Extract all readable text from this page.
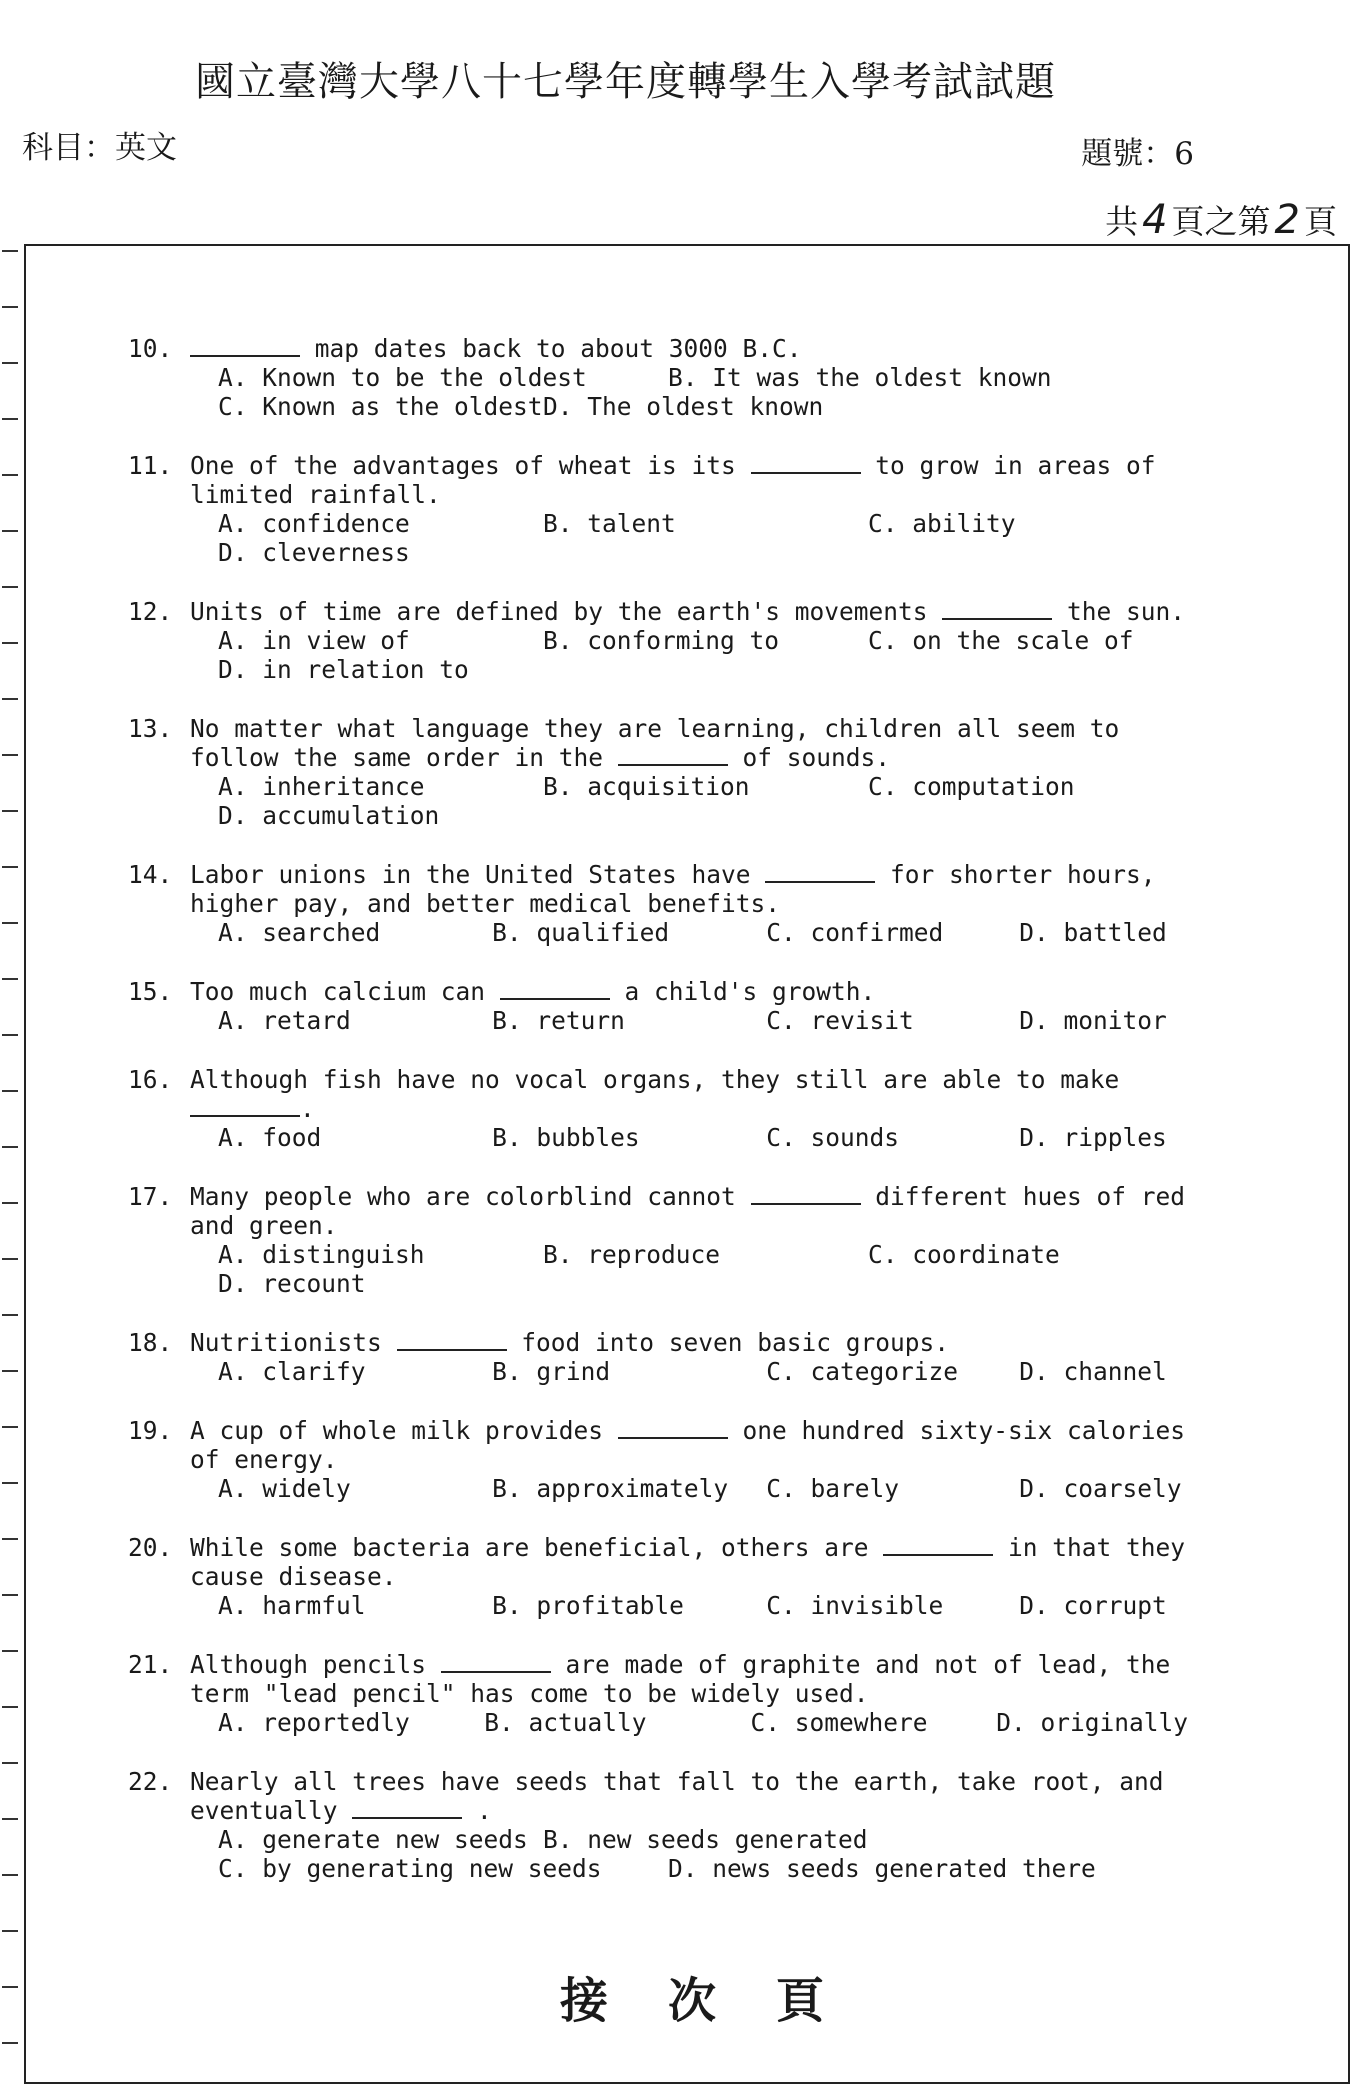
國立臺灣大學八十七學年度轉學生入學考試試題
科目：英文	題號：6
共 4 頁之第 2 頁
10.	map dates back to about 3000 B.C.
A. Known to be the oldest	B. It was the oldest known
C. Known as the oldest D. The oldest known
11. One of the advantages of wheat is its	to grow in areas of limited rainfall.
A. confidence	B. talent	C. ability
D. cleverness
12. Units of time are defined by the earth's movements	the sun.
A. in view of	B. conforming to	C. on the scale of
D. in relation to
13. No matter what language they are learning, children all seem to follow the same order in the	of sounds.
A. inheritance	B. acquisition	C. computation
D. accumulation
14. Labor unions in the United States have	for shorter hours, higher pay, and better medical benefits.
A. searched	B. qualified	C. confirmed	D. battled
15. Too much calcium can	a child's growth.
A. retard	B. return	C. revisit	D. monitor
16. Although fish have no vocal organs, they still are able to make .
A. food	B. bubbles	C. sounds	D. ripples
17. Many people who are colorblind cannot	different hues of red and green.
A. distinguish	B. reproduce	C. coordinate
D. recount
18. Nutritionists	food into seven basic groups.
A. clarify	B. grind	C. categorize	D. channel
19. A cup of whole milk provides	one hundred sixty-six calories of energy.
A. widely	B. approximately	C. barely	D. coarsely
20. While some bacteria are beneficial, others are	in that they cause disease.
A. harmful	B. profitable	C. invisible	D. corrupt
21. Although pencils	are made of graphite and not of lead, the term "lead pencil" has come to be widely used.
A. reportedly	B. actually	C. somewhere	D. originally
22. Nearly all trees have seeds that fall to the earth, take root, and eventually	.
A. generate new seeds B. new seeds generated
C. by generating new seeds	D. news seeds generated there
接次頁
